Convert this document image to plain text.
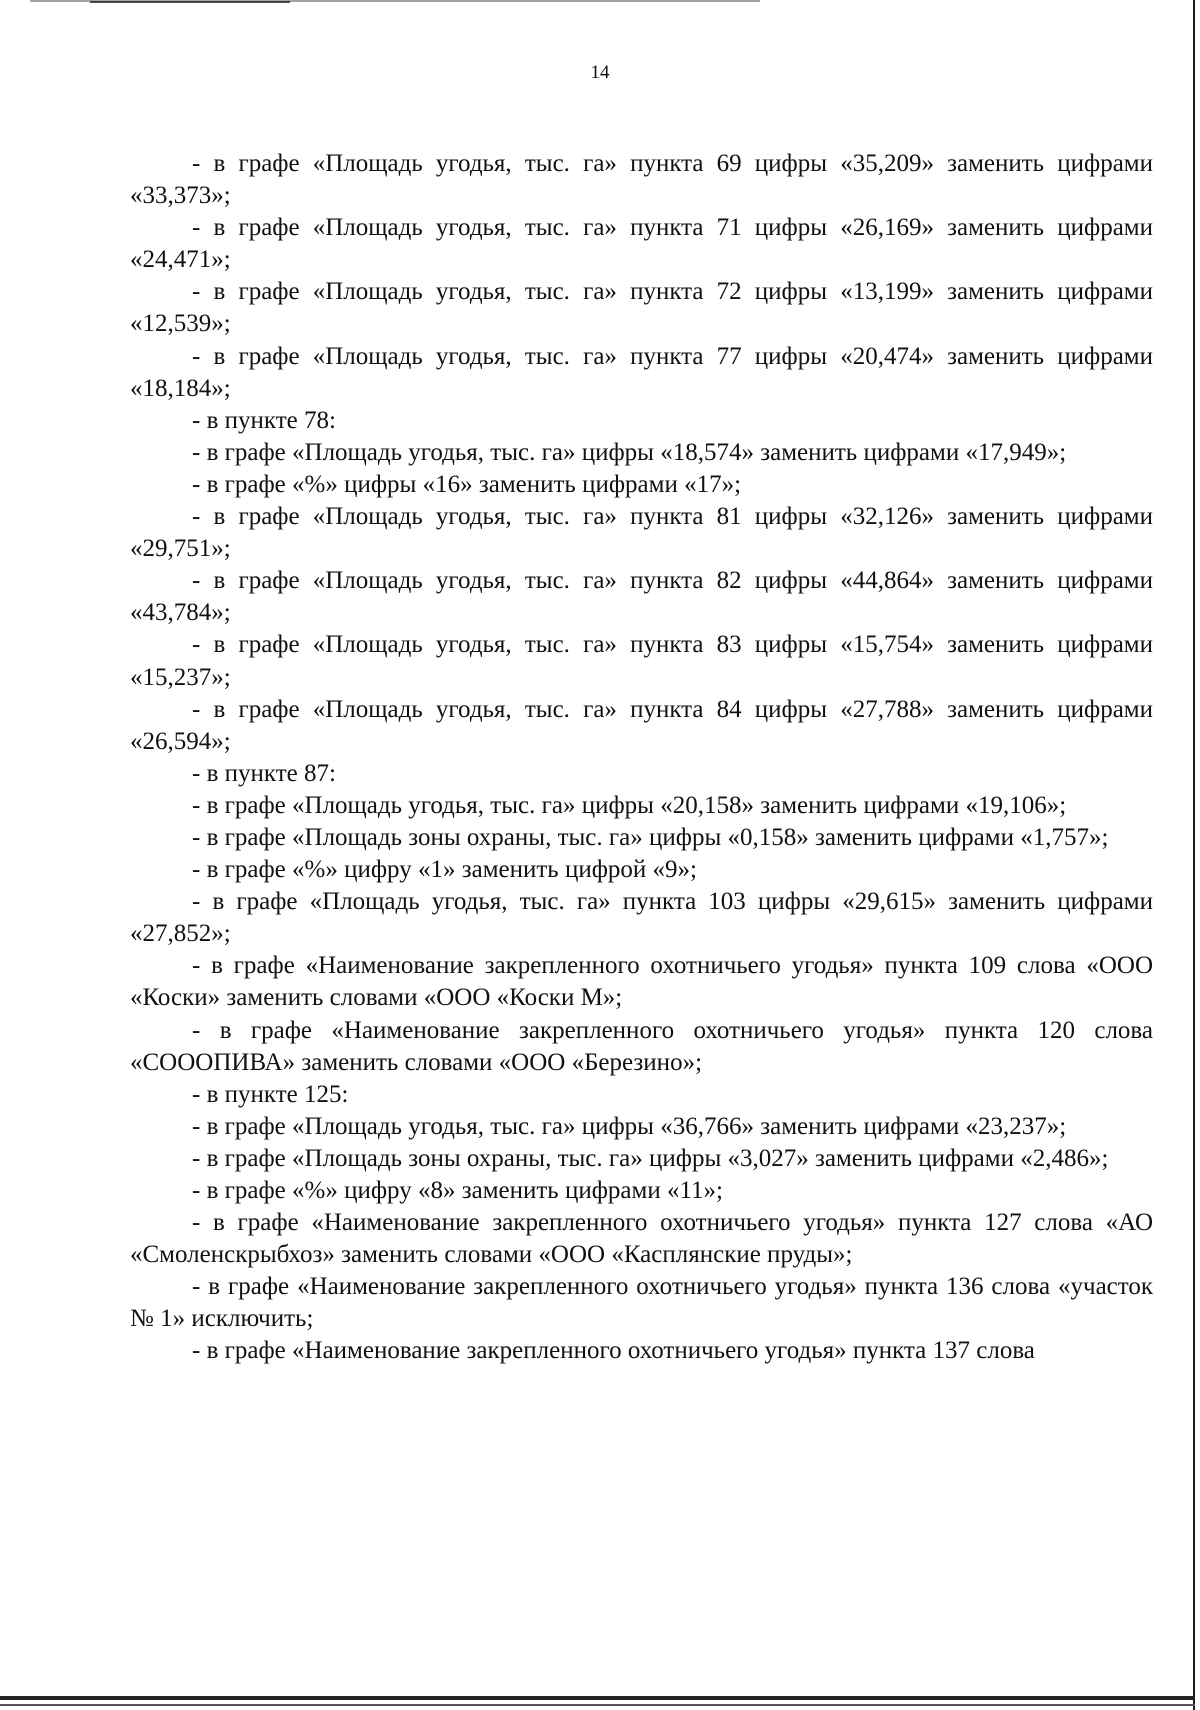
14

- в графе «Площадь угодья, тыс. га» пункта 69 цифры «35,209» заменить цифрами «33,373»;

- в графе «Площадь угодья, тыс. га» пункта 71 цифры «26,169» заменить цифрами «24,471»;

- в графе «Площадь угодья, тыс. га» пункта 72 цифры «13,199» заменить цифрами «12,539»;

- в графе «Площадь угодья, тыс. га» пункта 77 цифры «20,474» заменить цифрами «18,184»;

- в пункте 78:

- в графе «Площадь угодья, тыс. га» цифры «18,574» заменить цифрами «17,949»;

- в графе «%» цифры «16» заменить цифрами «17»;

- в графе «Площадь угодья, тыс. га» пункта 81 цифры «32,126» заменить цифрами «29,751»;

- в графе «Площадь угодья, тыс. га» пункта 82 цифры «44,864» заменить цифрами «43,784»;

- в графе «Площадь угодья, тыс. га» пункта 83 цифры «15,754» заменить цифрами «15,237»;

- в графе «Площадь угодья, тыс. га» пункта 84 цифры «27,788» заменить цифрами «26,594»;

- в пункте 87:

- в графе «Площадь угодья, тыс. га» цифры «20,158» заменить цифрами «19,106»;

- в графе «Площадь зоны охраны, тыс. га» цифры «0,158» заменить цифрами «1,757»;

- в графе «%» цифру «1» заменить цифрой «9»;

- в графе «Площадь угодья, тыс. га» пункта 103 цифры «29,615» заменить цифрами «27,852»;

- в графе «Наименование закрепленного охотничьего угодья» пункта 109 слова «ООО «Коски» заменить словами «ООО «Коски М»;

- в графе «Наименование закрепленного охотничьего угодья» пункта 120 слова «СОООПИВА» заменить словами «ООО «Березино»;

- в пункте 125:

- в графе «Площадь угодья, тыс. га» цифры «36,766» заменить цифрами «23,237»;

- в графе «Площадь зоны охраны, тыс. га» цифры «3,027» заменить цифрами «2,486»;

- в графе «%» цифру «8» заменить цифрами «11»;

- в графе «Наименование закрепленного охотничьего угодья» пункта 127 слова «АО «Смоленскрыбхоз» заменить словами «ООО «Касплянские пруды»;

- в графе «Наименование закрепленного охотничьего угодья» пункта 136 слова «участок № 1» исключить;

- в графе «Наименование закрепленного охотничьего угодья» пункта 137 слова
